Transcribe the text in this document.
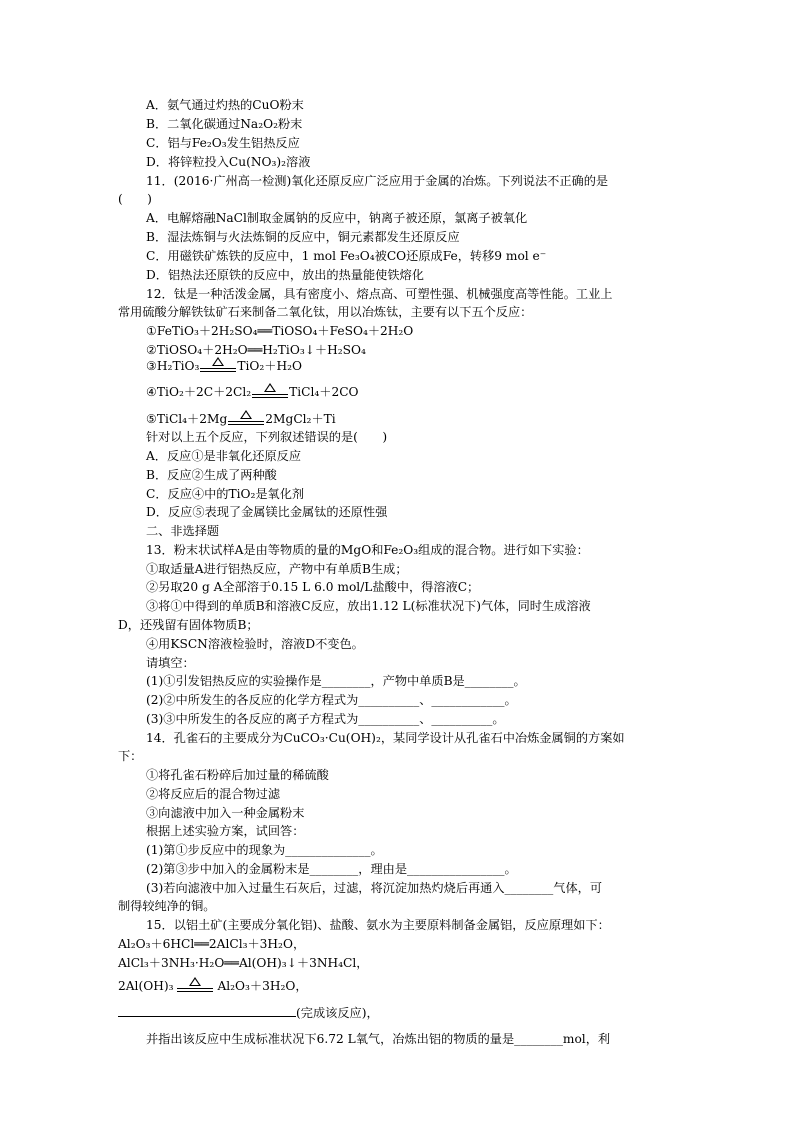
A．氨气通过灼热的CuO粉末
B．二氧化碳通过Na₂O₂粉末
C．铝与Fe₂O₃发生铝热反应
D．将锌粒投入Cu(NO₃)₂溶液
11．(2016·广州高一检测)氧化还原反应广泛应用于金属的冶炼。下列说法不正确的是
(　　)
A．电解熔融NaCl制取金属钠的反应中，钠离子被还原，氯离子被氧化
B．湿法炼铜与火法炼铜的反应中，铜元素都发生还原反应
C．用磁铁矿炼铁的反应中，1 mol Fe₃O₄被CO还原成Fe，转移9 mol e⁻
D．铝热法还原铁的反应中，放出的热量能使铁熔化
12．钛是一种活泼金属，具有密度小、熔点高、可塑性强、机械强度高等性能。工业上
常用硫酸分解铁钛矿石来制备二氧化钛，用以冶炼钛，主要有以下五个反应：
①FeTiO₃＋2H₂SO₄══TiOSO₄＋FeSO₄＋2H₂O
②TiOSO₄＋2H₂O══H₂TiO₃↓＋H₂SO₄
③H₂TiO₃	TiO₂＋H₂O
④TiO₂＋2C＋2Cl₂	TiCl₄＋2CO
⑤TiCl₄＋2Mg	2MgCl₂＋Ti
针对以上五个反应，下列叙述错误的是(　　)
A．反应①是非氧化还原反应
B．反应②生成了两种酸
C．反应④中的TiO₂是氧化剂
D．反应⑤表现了金属镁比金属钛的还原性强
二、非选择题
13．粉末状试样A是由等物质的量的MgO和Fe₂O₃组成的混合物。进行如下实验：
①取适量A进行铝热反应，产物中有单质B生成；
②另取20 g A全部溶于0.15 L 6.0 mol/L盐酸中，得溶液C；
③将①中得到的单质B和溶液C反应，放出1.12 L(标准状况下)气体，同时生成溶液
D，还残留有固体物质B；
④用KSCN溶液检验时，溶液D不变色。
请填空：
(1)①引发铝热反应的实验操作是________，产物中单质B是________。
(2)②中所发生的各反应的化学方程式为__________、____________。
(3)③中所发生的各反应的离子方程式为__________、__________。
14．孔雀石的主要成分为CuCO₃·Cu(OH)₂，某同学设计从孔雀石中冶炼金属铜的方案如
下：
①将孔雀石粉碎后加过量的稀硫酸
②将反应后的混合物过滤
③向滤液中加入一种金属粉末
根据上述实验方案，试回答：
(1)第①步反应中的现象为______________。
(2)第③步中加入的金属粉末是________，理由是________________。
(3)若向滤液中加入过量生石灰后，过滤，将沉淀加热灼烧后再通入________气体，可
制得较纯净的铜。
15．以铝土矿(主要成分氧化铝)、盐酸、氨水为主要原料制备金属铝，反应原理如下：
Al₂O₃＋6HCl══2AlCl₃＋3H₂O，
AlCl₃＋3NH₃·H₂O══Al(OH)₃↓＋3NH₄Cl，
2Al(OH)₃	Al₂O₃＋3H₂O，
(完成该反应)，
并指出该反应中生成标准状况下6.72 L氧气，冶炼出铝的物质的量是________mol，利
